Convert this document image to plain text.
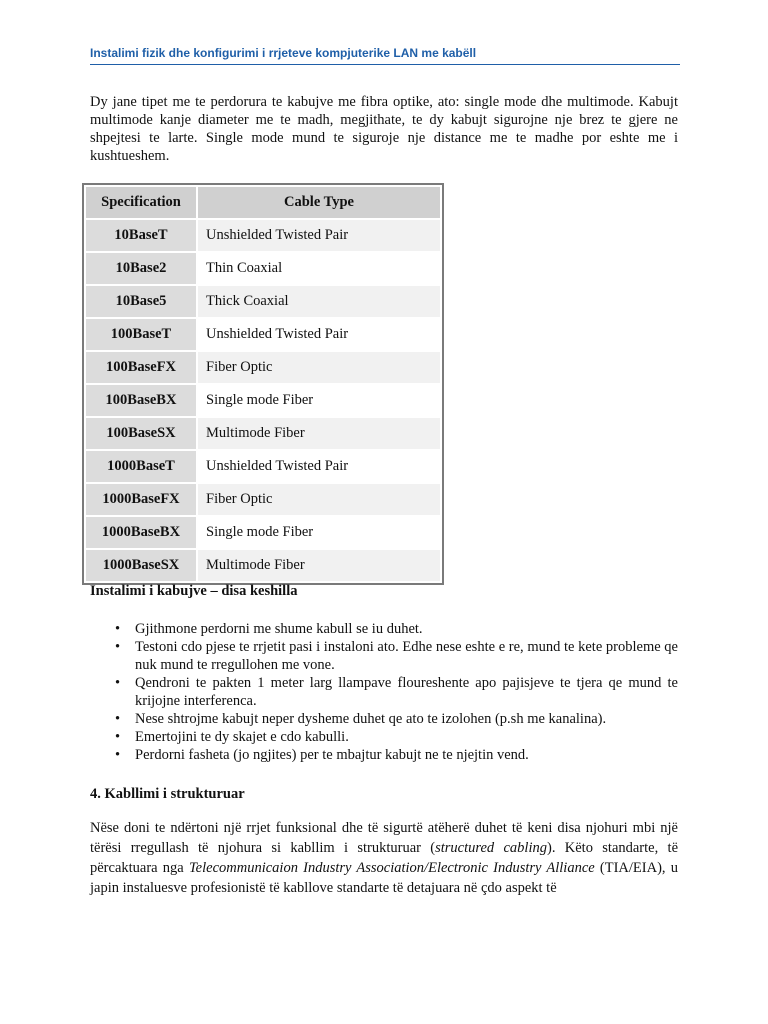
Instalimi fizik dhe konfigurimi i rrjeteve kompjuterike LAN me kabëll

Dy jane tipet me te perdorura te kabujve me fibra optike, ato: single mode dhe multimode. Kabujt multimode kanje diameter me te madh, megjithate, te dy kabujt sigurojne nje brez te gjere ne shpejtesi te larte. Single mode mund te siguroje nje distance me te madhe por eshte me i kushtueshem.

Specification	Cable Type
10BaseT	Unshielded Twisted Pair
10Base2	Thin Coaxial
10Base5	Thick Coaxial
100BaseT	Unshielded Twisted Pair
100BaseFX	Fiber Optic
100BaseBX	Single mode Fiber
100BaseSX	Multimode Fiber
1000BaseT	Unshielded Twisted Pair
1000BaseFX	Fiber Optic
1000BaseBX	Single mode Fiber
1000BaseSX	Multimode Fiber

Instalimi i kabujve – disa keshilla

• Gjithmone perdorni me shume kabull se iu duhet.
• Testoni cdo pjese te rrjetit pasi i instaloni ato. Edhe nese eshte e re, mund te kete probleme qe nuk mund te rregullohen me vone.
• Qendroni te pakten 1 meter larg llampave floureshente apo pajisjeve te tjera qe mund te krijojne interferenca.
• Nese shtrojme kabujt neper dysheme duhet qe ato te izolohen (p.sh me kanalina).
• Emertojini te dy skajet e cdo kabulli.
• Perdorni fasheta (jo ngjites) per te mbajtur kabujt ne te njejtin vend.

4. Kabllimi i strukturuar

Nëse doni te ndërtoni një rrjet funksional dhe të sigurtë atëherë duhet të keni disa njohuri mbi një tërësi rregullash të njohura si kabllim i strukturuar (structured cabling). Këto standarte, të përcaktuara nga Telecommunicaion Industry Association/Electronic Industry Alliance (TIA/EIA), u japin instaluesve profesionistë të kabllove standarte të detajuara në çdo aspekt të
